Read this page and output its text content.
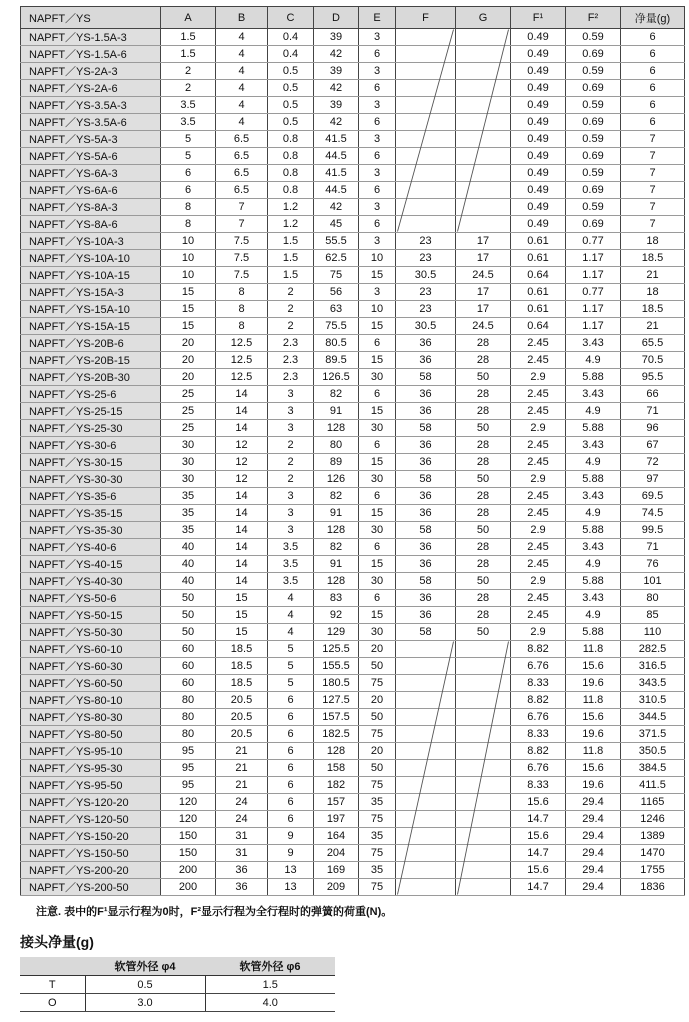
NAPFT／YS	A	B	C	D	E	F	G	F¹	F²	净量(g)
NAPFT／YS-1.5A-3	1.5	4	0.4	39	3			0.49	0.59	6
NAPFT／YS-1.5A-6	1.5	4	0.4	42	6			0.49	0.69	6
NAPFT／YS-2A-3	2	4	0.5	39	3			0.49	0.59	6
NAPFT／YS-2A-6	2	4	0.5	42	6			0.49	0.69	6
NAPFT／YS-3.5A-3	3.5	4	0.5	39	3			0.49	0.59	6
NAPFT／YS-3.5A-6	3.5	4	0.5	42	6			0.49	0.69	6
NAPFT／YS-5A-3	5	6.5	0.8	41.5	3			0.49	0.59	7
NAPFT／YS-5A-6	5	6.5	0.8	44.5	6			0.49	0.69	7
NAPFT／YS-6A-3	6	6.5	0.8	41.5	3			0.49	0.59	7
NAPFT／YS-6A-6	6	6.5	0.8	44.5	6			0.49	0.69	7
NAPFT／YS-8A-3	8	7	1.2	42	3			0.49	0.59	7
NAPFT／YS-8A-6	8	7	1.2	45	6			0.49	0.69	7
NAPFT／YS-10A-3	10	7.5	1.5	55.5	3	23	17	0.61	0.77	18
NAPFT／YS-10A-10	10	7.5	1.5	62.5	10	23	17	0.61	1.17	18.5
NAPFT／YS-10A-15	10	7.5	1.5	75	15	30.5	24.5	0.64	1.17	21
NAPFT／YS-15A-3	15	8	2	56	3	23	17	0.61	0.77	18
NAPFT／YS-15A-10	15	8	2	63	10	23	17	0.61	1.17	18.5
NAPFT／YS-15A-15	15	8	2	75.5	15	30.5	24.5	0.64	1.17	21
NAPFT／YS-20B-6	20	12.5	2.3	80.5	6	36	28	2.45	3.43	65.5
NAPFT／YS-20B-15	20	12.5	2.3	89.5	15	36	28	2.45	4.9	70.5
NAPFT／YS-20B-30	20	12.5	2.3	126.5	30	58	50	2.9	5.88	95.5
NAPFT／YS-25-6	25	14	3	82	6	36	28	2.45	3.43	66
NAPFT／YS-25-15	25	14	3	91	15	36	28	2.45	4.9	71
NAPFT／YS-25-30	25	14	3	128	30	58	50	2.9	5.88	96
NAPFT／YS-30-6	30	12	2	80	6	36	28	2.45	3.43	67
NAPFT／YS-30-15	30	12	2	89	15	36	28	2.45	4.9	72
NAPFT／YS-30-30	30	12	2	126	30	58	50	2.9	5.88	97
NAPFT／YS-35-6	35	14	3	82	6	36	28	2.45	3.43	69.5
NAPFT／YS-35-15	35	14	3	91	15	36	28	2.45	4.9	74.5
NAPFT／YS-35-30	35	14	3	128	30	58	50	2.9	5.88	99.5
NAPFT／YS-40-6	40	14	3.5	82	6	36	28	2.45	3.43	71
NAPFT／YS-40-15	40	14	3.5	91	15	36	28	2.45	4.9	76
NAPFT／YS-40-30	40	14	3.5	128	30	58	50	2.9	5.88	101
NAPFT／YS-50-6	50	15	4	83	6	36	28	2.45	3.43	80
NAPFT／YS-50-15	50	15	4	92	15	36	28	2.45	4.9	85
NAPFT／YS-50-30	50	15	4	129	30	58	50	2.9	5.88	110
NAPFT／YS-60-10	60	18.5	5	125.5	20			8.82	11.8	282.5
NAPFT／YS-60-30	60	18.5	5	155.5	50			6.76	15.6	316.5
NAPFT／YS-60-50	60	18.5	5	180.5	75			8.33	19.6	343.5
NAPFT／YS-80-10	80	20.5	6	127.5	20			8.82	11.8	310.5
NAPFT／YS-80-30	80	20.5	6	157.5	50			6.76	15.6	344.5
NAPFT／YS-80-50	80	20.5	6	182.5	75			8.33	19.6	371.5
NAPFT／YS-95-10	95	21	6	128	20			8.82	11.8	350.5
NAPFT／YS-95-30	95	21	6	158	50			6.76	15.6	384.5
NAPFT／YS-95-50	95	21	6	182	75			8.33	19.6	411.5
NAPFT／YS-120-20	120	24	6	157	35			15.6	29.4	1165
NAPFT／YS-120-50	120	24	6	197	75			14.7	29.4	1246
NAPFT／YS-150-20	150	31	9	164	35			15.6	29.4	1389
NAPFT／YS-150-50	150	31	9	204	75			14.7	29.4	1470
NAPFT／YS-200-20	200	36	13	169	35			15.6	29.4	1755
NAPFT／YS-200-50	200	36	13	209	75			14.7	29.4	1836
注意. 表中的F¹显示行程为0时，F²显示行程为全行程时的弹簧的荷重(N)。
接头净量(g)
	软管外径 φ4	软管外径 φ6
T	0.5	1.5
O	3.0	4.0
